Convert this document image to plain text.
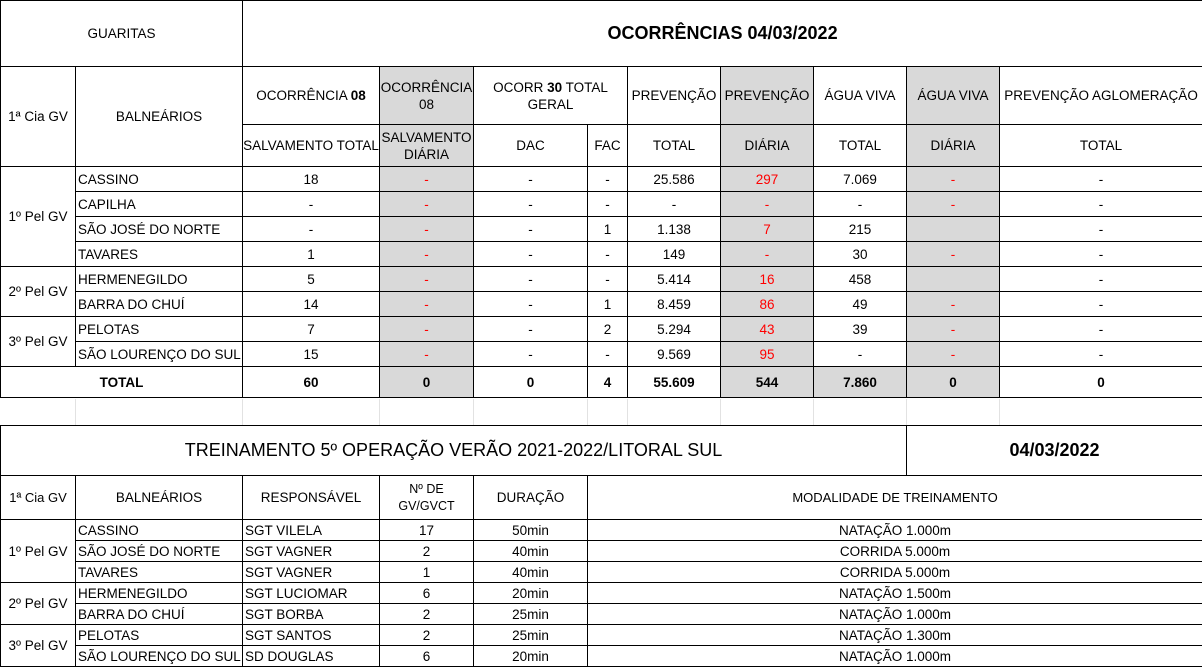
GUARITAS		OCORRÊNCIAS 04/03/2022								
1ª Cia GV	BALNEÁRIOS	OCORRÊNCIA 08	OCORRÊNCIA 08	OCORR 30 TOTAL GERAL		PREVENÇÃO	PREVENÇÃO	ÁGUA VIVA	ÁGUA VIVA	PREVENÇÃO AGLOMERAÇÃO
		SALVAMENTO TOTAL	SALVAMENTO DIÁRIA	DAC	FAC	TOTAL	DIÁRIA	TOTAL	DIÁRIA	TOTAL
1º Pel GV	CASSINO	18	-	-	-	25.586	297	7.069	-	-
	CAPILHA	-	-	-	-	-	-	-	-	-
	SÃO JOSÉ DO NORTE	-	-	-	1	1.138	7	215		-
	TAVARES	1	-	-	-	149	-	30	-	-
2º Pel GV	HERMENEGILDO	5	-	-	-	5.414	16	458		-
	BARRA DO CHUÍ	14	-	-	1	8.459	86	49	-	-
3º Pel GV	PELOTAS	7	-	-	2	5.294	43	39	-	-
	SÃO LOURENÇO DO SUL	15	-	-	-	9.569	95	-	-	-
TOTAL		60	0	0	4	55.609	544	7.860	0	0
TREINAMENTO 5º OPERAÇÃO VERÃO 2021-2022/LITORAL SUL						04/03/2022
1ª Cia GV	BALNEÁRIOS	RESPONSÁVEL	Nº DE GV/GVCT	DURAÇÃO	MODALIDADE DE TREINAMENTO	
1º Pel GV	CASSINO	SGT VILELA	17	50min	NATAÇÃO 1.000m	
	SÃO JOSÉ DO NORTE	SGT VAGNER	2	40min	CORRIDA 5.000m	
	TAVARES	SGT VAGNER	1	40min	CORRIDA 5.000m	
2º Pel GV	HERMENEGILDO	SGT LUCIOMAR	6	20min	NATAÇÃO 1.500m	
	BARRA DO CHUÍ	SGT BORBA	2	25min	NATAÇÃO 1.000m	
3º Pel GV	PELOTAS	SGT SANTOS	2	25min	NATAÇÃO 1.300m	
	SÃO LOURENÇO DO SUL	SD DOUGLAS	6	20min	NATAÇÃO 1.000m	
